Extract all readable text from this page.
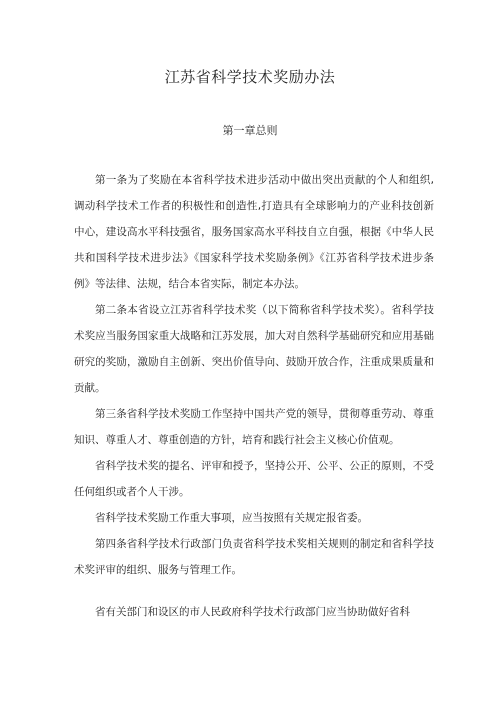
江苏省科学技术奖励办法
第一章总则

第一条为了奖励在本省科学技术进步活动中做出突出贡献的个人和组织,调动科学技术工作者的积极性和创造性,打造具有全球影响力的产业科技创新中心，建设高水平科技强省，服务国家高水平科技自立自强，根据《中华人民共和国科学技术进步法》《国家科学技术奖励条例》《江苏省科学技术进步条例》等法律、法规，结合本省实际，制定本办法。

第二条本省设立江苏省科学技术奖（以下简称省科学技术奖）。省科学技术奖应当服务国家重大战略和江苏发展，加大对自然科学基础研究和应用基础研究的奖励，激励自主创新、突出价值导向、鼓励开放合作，注重成果质量和贡献。

第三条省科学技术奖励工作坚持中国共产党的领导，贯彻尊重劳动、尊重知识、尊重人才、尊重创造的方针，培育和践行社会主义核心价值观。

省科学技术奖的提名、评审和授予，坚持公开、公平、公正的原则，不受任何组织或者个人干涉。

省科学技术奖励工作重大事项，应当按照有关规定报省委。

第四条省科学技术行政部门负责省科学技术奖相关规则的制定和省科学技术奖评审的组织、服务与管理工作。

省有关部门和设区的市人民政府科学技术行政部门应当协助做好省科
